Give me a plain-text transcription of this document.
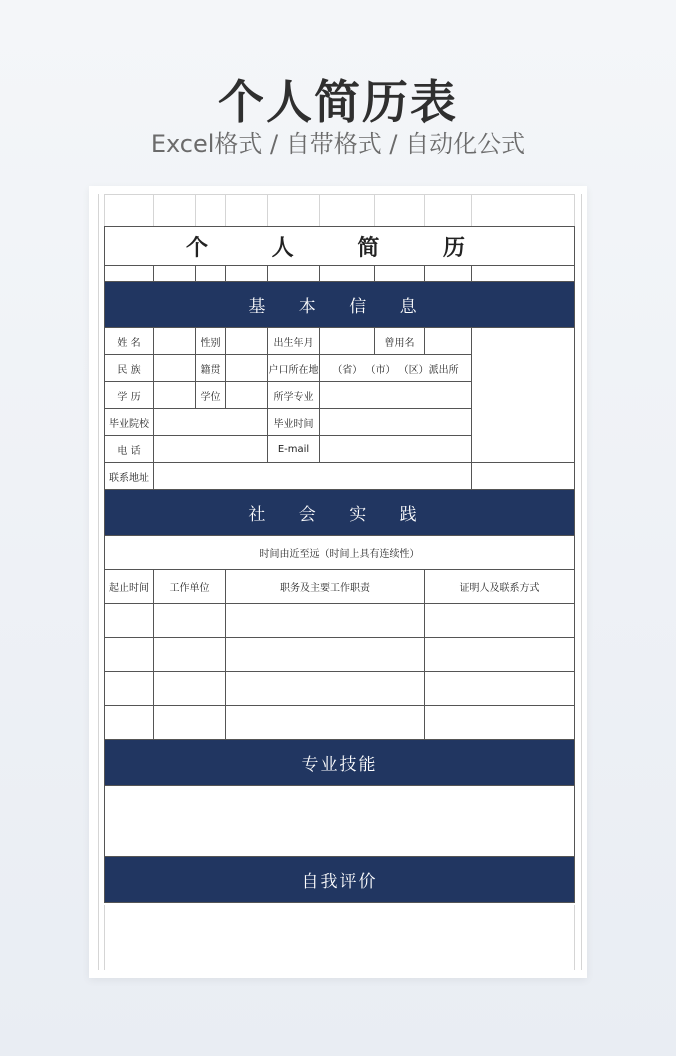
个人简历表
Excel格式 / 自带格式 / 自动化公式
个 人 简 历								

基 本 信 息								
姓 名		性别		出生年月		曾用名		
民 族		籍贯		户口所在地	（省） （市） （区）派出所			
学 历		学位		所学专业				
毕业院校				毕业时间				
电 话				E-mail				
联系地址								
社 会 实 践								
时间由近至远（时间上具有连续性）								
起止时间	工作单位		职务及主要工作职责				证明人及联系方式	

专业技能								

自我评价								
